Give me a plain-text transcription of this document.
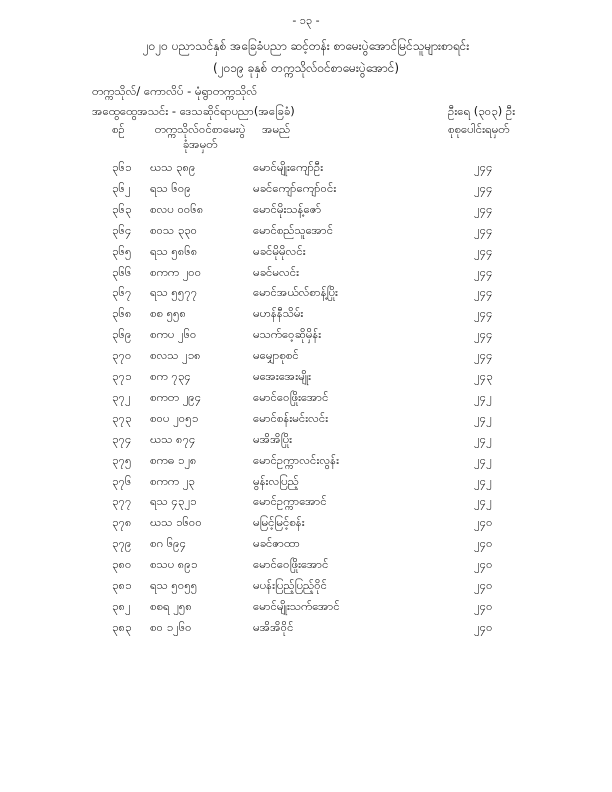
- ၁၃ -
၂၀၂၀ ပညာသင်နှစ် အခြေခံပညာ ဆင့်တန်း စာမေးပွဲအောင်မြင်သူများစာရင်း
(၂၀၁၉ ခုနှစ် တက္ကသိုလ်ဝင်စာမေးပွဲအောင်)
တက္ကသိုလ်/ ကောလိပ် - မုံရွာတက္ကသိုလ်
အထွေထွေအသင်း - ဒေသဆိုင်ရာပညာ(အခြေခံ)	ဦးရေ (၃၀၃) ဦး
စဉ်	တက္ကသိုလ်ဝင်စာမေးပွဲ ခုံအမှတ်
အမည်	စုစုပေါင်းရမှတ်
၃၆၁ ဃသ ၃၈၉	မောင်မျိုးကျော်ဦး	၂၄၄
၃၆၂ ရသ ၆၀၉	မခင်ကျော်ကျော်ဝင်း	၂၄၄
၃၆၃ စလပ ၀၀၆၈	မောင်မိုးသန့်ဇော်	၂၄၄
၃၆၄ စဝသ ၃၃၀	မောင်စည်သူအောင်	၂၄၄
၃၆၅ ရသ ၅၈၆၈	မခင်မိုမိုလင်း	၂၄၄
၃၆၆ စကက ၂၀၀	မခင်မလင်း	၂၄၄
၃၆၇ ရသ ၅၅၇၇	မောင်အယ်လ်စာန့်ပြိုး	၂၄၄
၃၆၈ စစ ၅၅၈	မဟန်နီသိမ်း	၂၄၄
၃၆၉ စကပ ၂၆၀	မသက်ဝေ့ဆိုမှိန်း	၂၄၄
၃၇၀ စလသ ၂၁၈	မမျှောစုစင်	၂၄၄
၃၇၁ စက ၇၃၄	မအေးအေးမျိုး	၂၄၃
၃၇၂ စကတ ၂၉၄	မောင်ဝေဖြိုးအောင်	၂၄၂
၃၇၃ စဝပ ၂၀၅၁	မောင်စန်းမင်းလင်း	၂၄၂
၃၇၄ ဃသ ၈၇၄	မအိအိပြိုး	၂၄၂
၃၇၅ စကဓ ၁၂၈	မောင်ဥက္ကာလင်းလွန်း	၂၄၂
၃၇၆ စကက ၂၃	မွန်းလပြည့်	၂၄၂
၃၇၇ ရသ ၄၃၂၁	မောင်ဥက္ကာအောင်	၂၄၂
၃၇၈ ဃသ ၁၆၀၀	မမြင့်မြင့်စန်း	၂၄၀
၃၇၉ စဂ ၆၉၄	မခင်ဇာထာ	၂၄၀
၃၈၀ စသပ ၈၉၁	မောင်ဝေဖြိုးအောင်	၂၄၀
၃၈၁ ရသ ၅၀၅၅	မပန်းပြည့်ပြည့်ဝိုင်	၂၄၀
၃၈၂ စစရ ၂၅၈	မောင်မျိုးသက်အောင်	၂၄၀
၃၈၃ စဝ ၁၂၆၀	မအိအိဝိုင်	၂၄၀
